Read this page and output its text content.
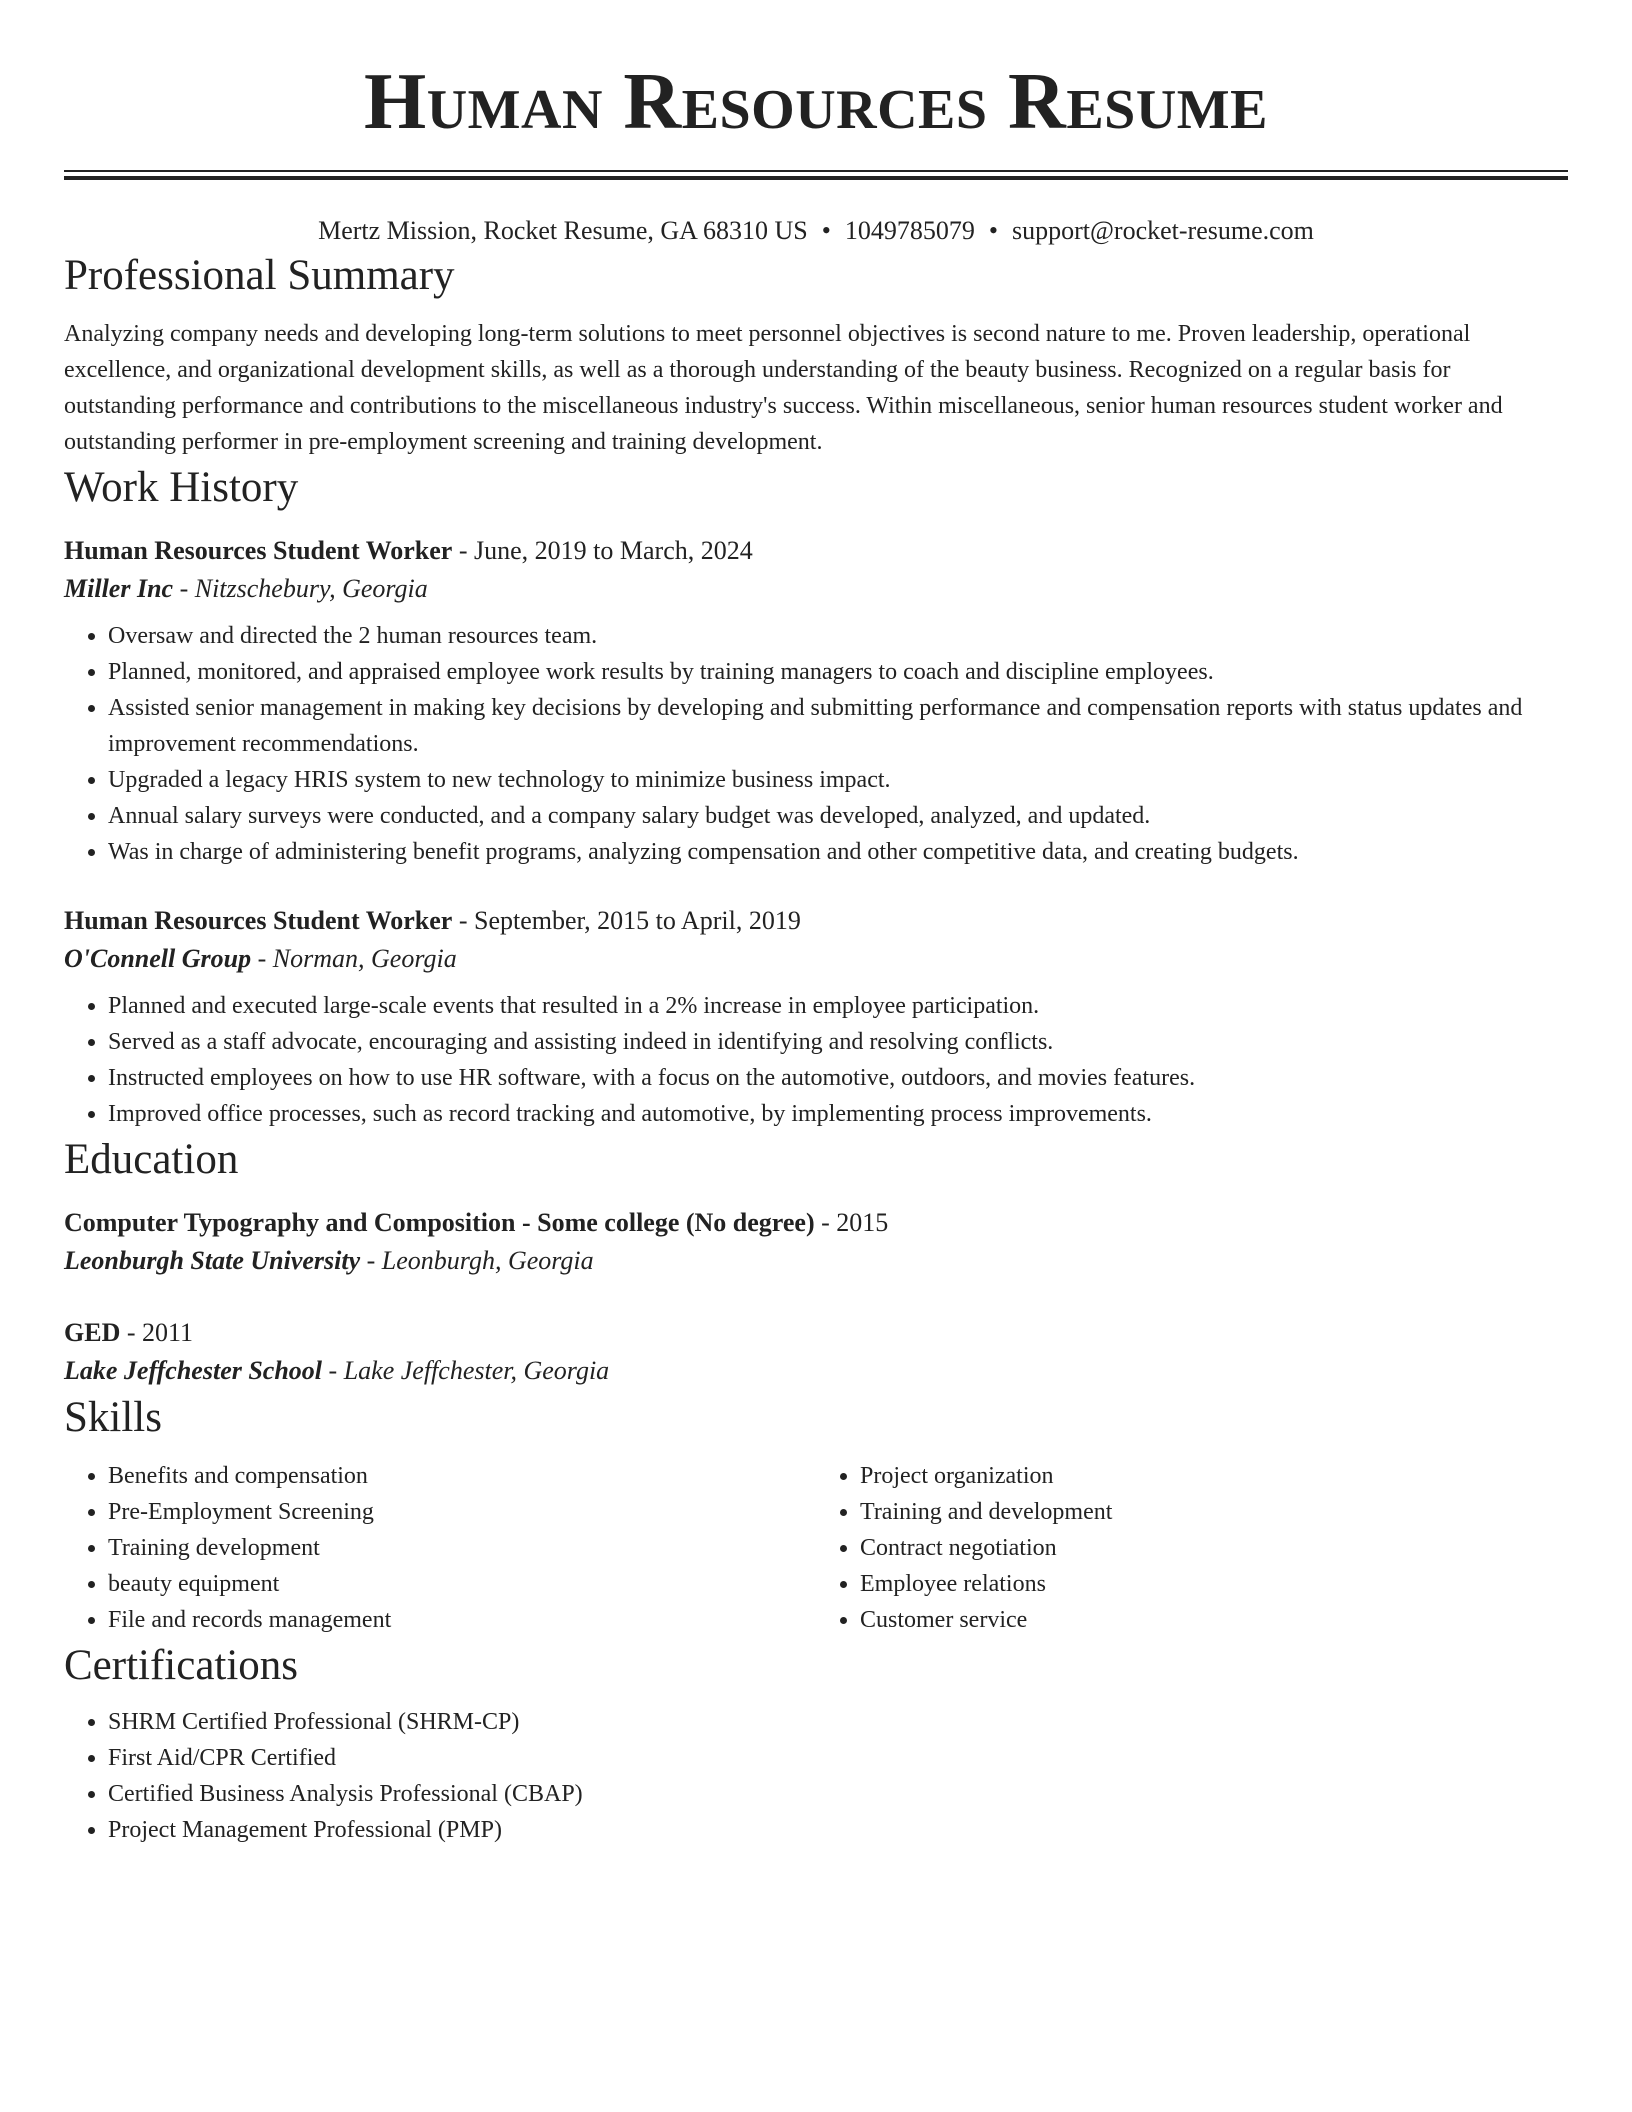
Human Resources Resume
Mertz Mission, Rocket Resume, GA 68310 US • 1049785079 • support@rocket-resume.com
Professional Summary

Analyzing company needs and developing long-term solutions to meet personnel objectives is second nature to me. Proven leadership, operational excellence, and organizational development skills, as well as a thorough understanding of the beauty business. Recognized on a regular basis for outstanding performance and contributions to the miscellaneous industry's success. Within miscellaneous, senior human resources student worker and outstanding performer in pre-employment screening and training development.

Work History
Human Resources Student Worker - June, 2019 to March, 2024
Miller Inc - Nitzschebury, Georgia
• Oversaw and directed the 2 human resources team.
• Planned, monitored, and appraised employee work results by training managers to coach and discipline employees.
• Assisted senior management in making key decisions by developing and submitting performance and compensation reports with status updates and improvement recommendations.
• Upgraded a legacy HRIS system to new technology to minimize business impact.
• Annual salary surveys were conducted, and a company salary budget was developed, analyzed, and updated.
• Was in charge of administering benefit programs, analyzing compensation and other competitive data, and creating budgets.
Human Resources Student Worker - September, 2015 to April, 2019
O'Connell Group - Norman, Georgia
• Planned and executed large-scale events that resulted in a 2% increase in employee participation.
• Served as a staff advocate, encouraging and assisting indeed in identifying and resolving conflicts.
• Instructed employees on how to use HR software, with a focus on the automotive, outdoors, and movies features.
• Improved office processes, such as record tracking and automotive, by implementing process improvements.
Education
Computer Typography and Composition - Some college (No degree) - 2015
Leonburgh State University - Leonburgh, Georgia
GED - 2011
Lake Jeffchester School - Lake Jeffchester, Georgia
Skills
• Benefits and compensation
• Pre-Employment Screening
• Training development
• beauty equipment
• File and records management
• Project organization
• Training and development
• Contract negotiation
• Employee relations
• Customer service
Certifications
• SHRM Certified Professional (SHRM-CP)
• First Aid/CPR Certified
• Certified Business Analysis Professional (CBAP)
• Project Management Professional (PMP)
